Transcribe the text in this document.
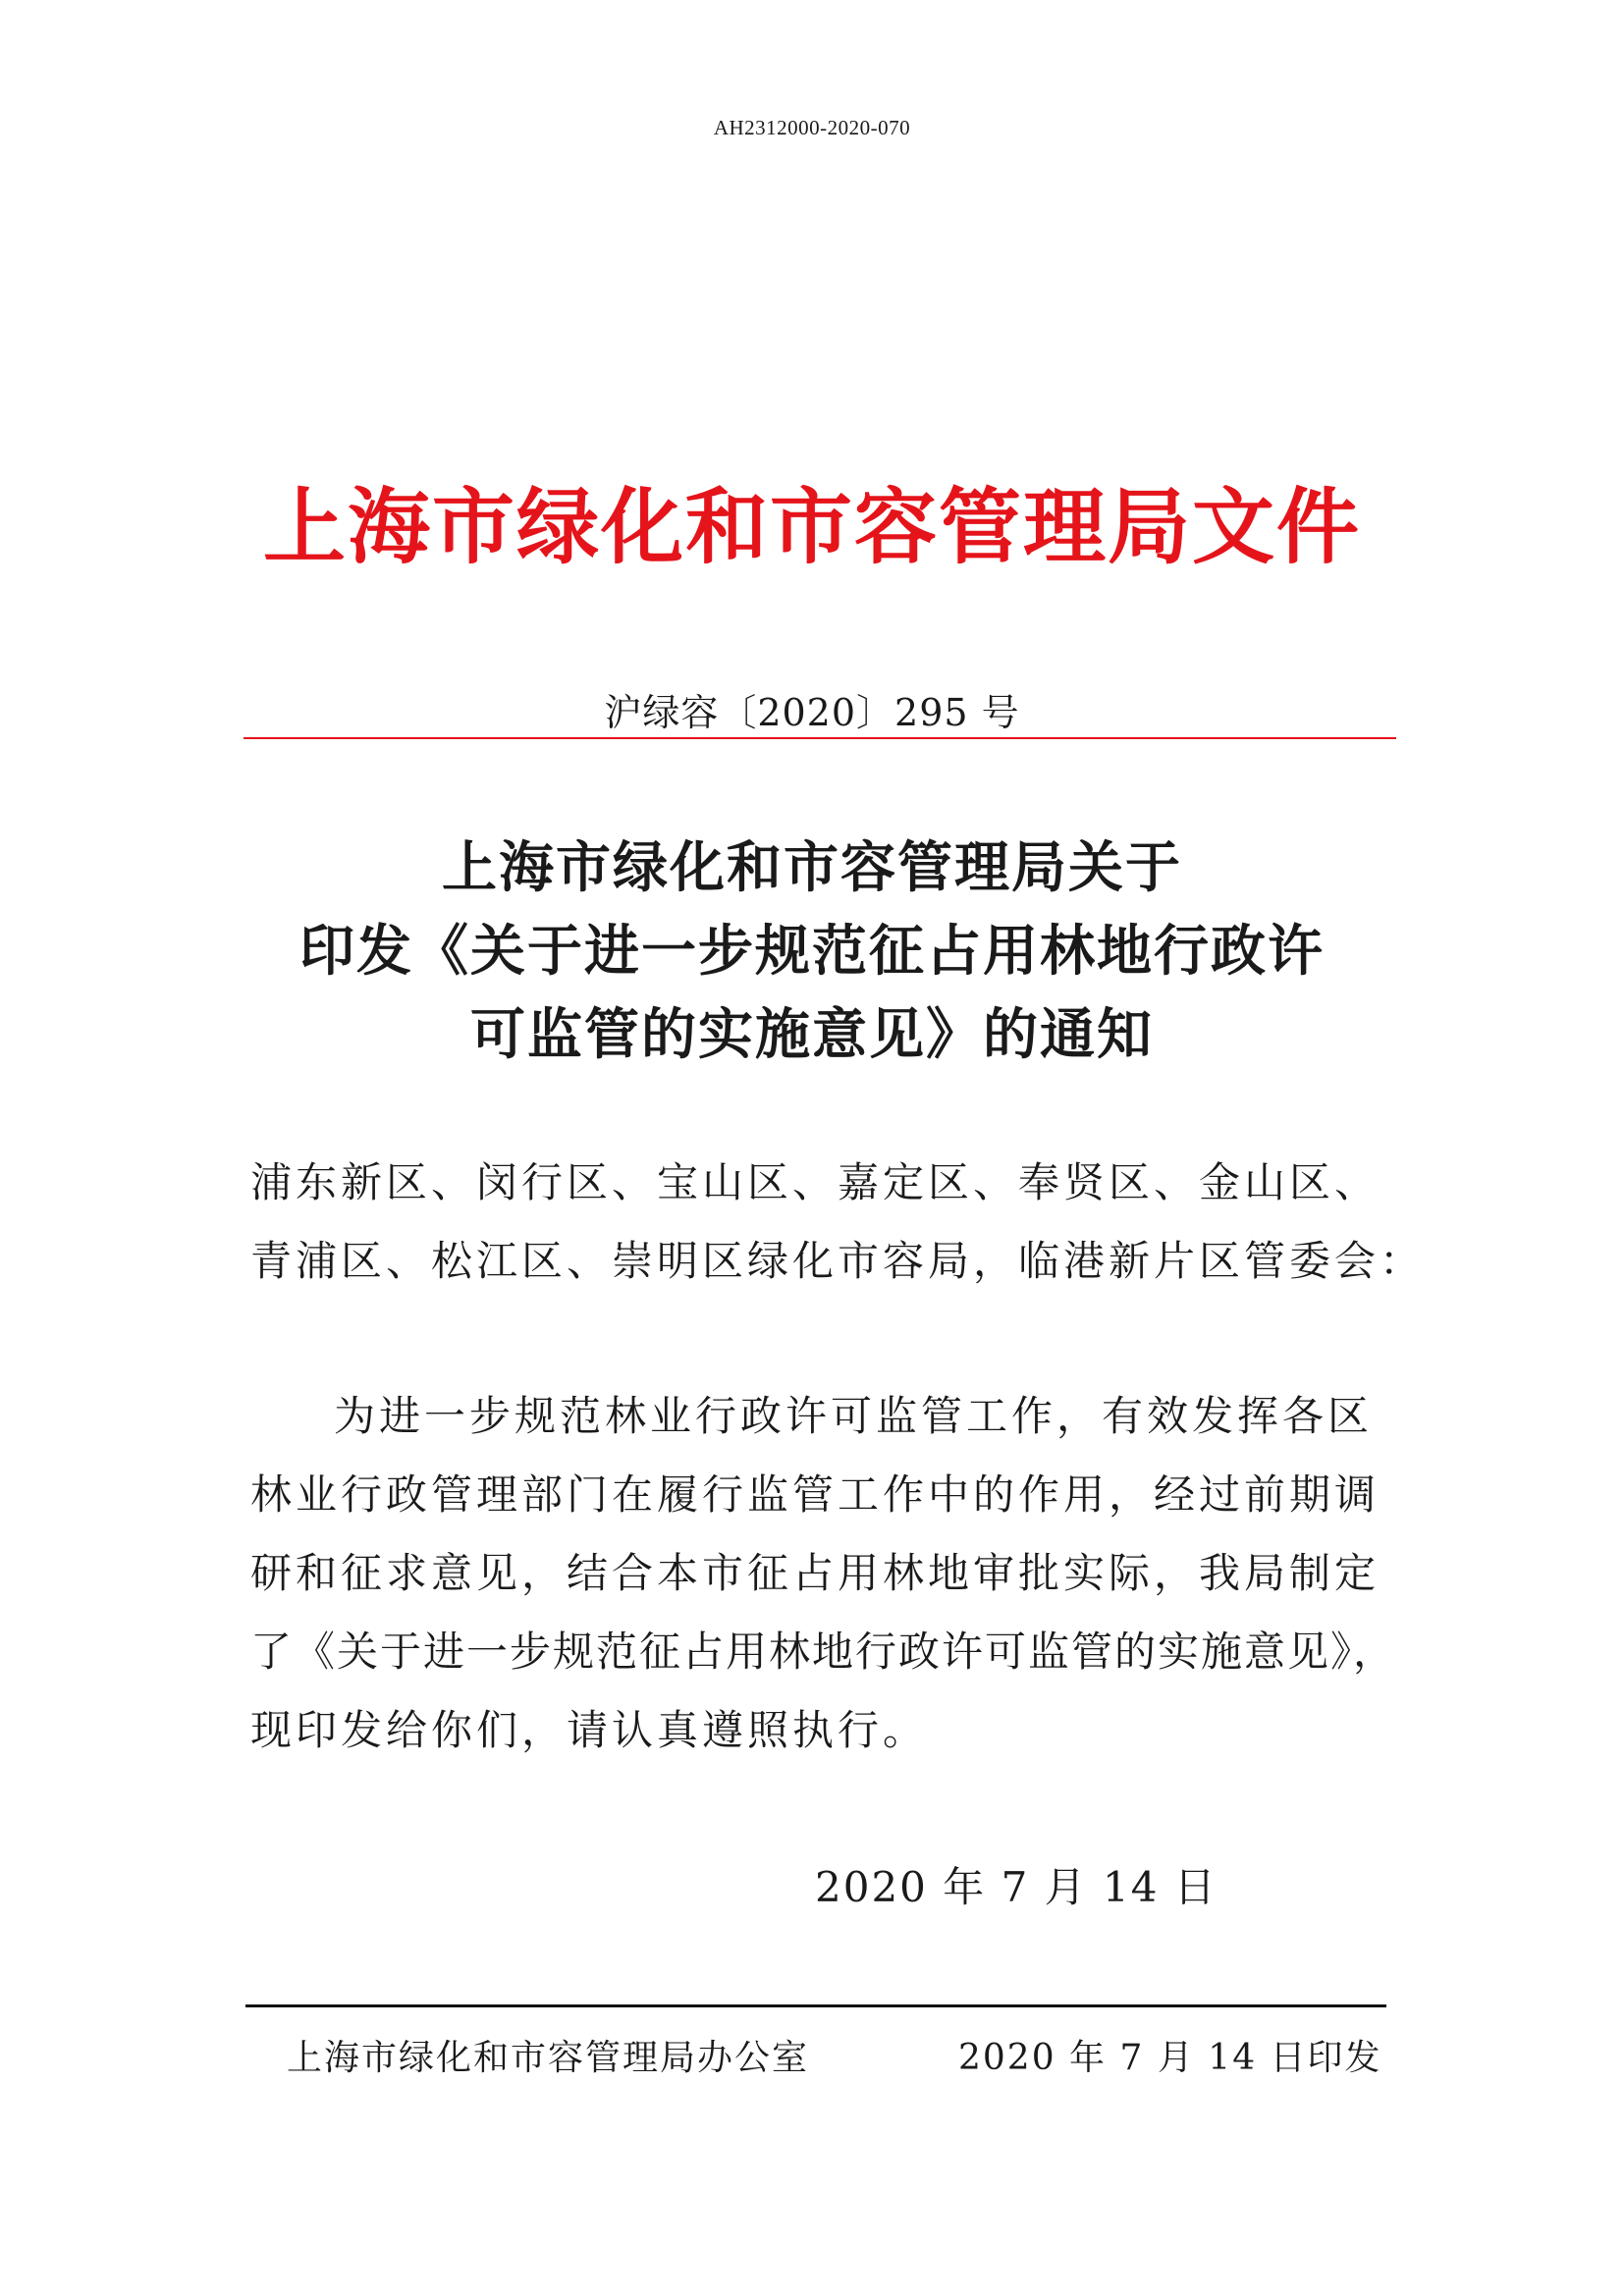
AH2312000-2020-070
上海市绿化和市容管理局文件
沪绿容〔2020〕295 号
上海市绿化和市容管理局关于
印发《关于进一步规范征占用林地行政许
可监管的实施意见》的通知
浦东新区、闵行区、宝山区、嘉定区、奉贤区、金山区、
青浦区、松江区、崇明区绿化市容局，临港新片区管委会：
为进一步规范林业行政许可监管工作，有效发挥各区
林业行政管理部门在履行监管工作中的作用，经过前期调
研和征求意见，结合本市征占用林地审批实际，我局制定
了《关于进一步规范征占用林地行政许可监管的实施意见》，
现印发给你们，请认真遵照执行。
2020 年 7 月 14 日
上海市绿化和市容管理局办公室	2020 年 7 月 14 日印发
